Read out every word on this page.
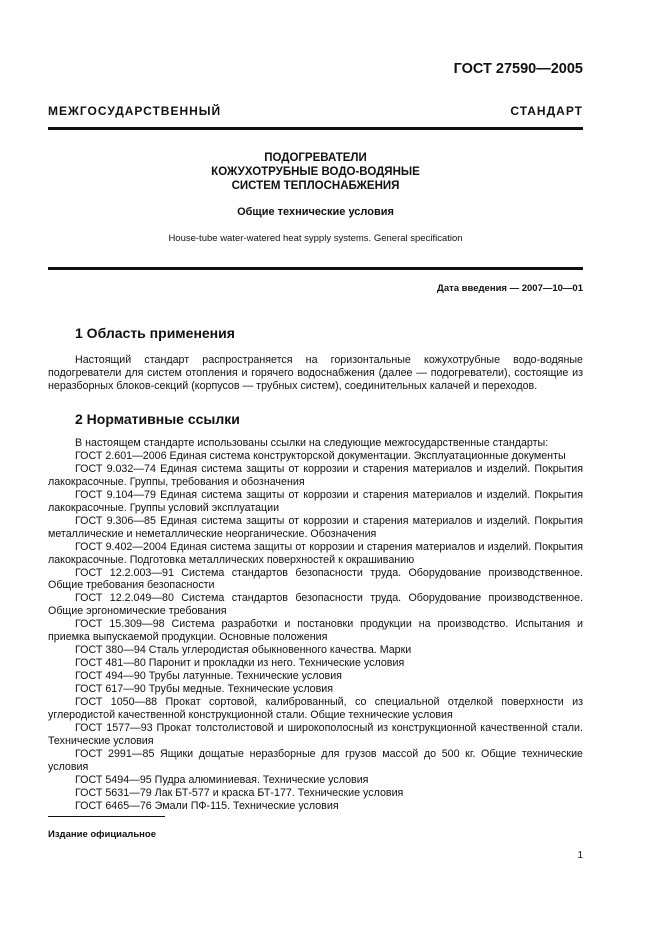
ГОСТ 27590—2005
МЕЖГОСУДАРСТВЕННЫЙ СТАНДАРТ
ПОДОГРЕВАТЕЛИ
КОЖУХОТРУБНЫЕ ВОДО-ВОДЯНЫЕ
СИСТЕМ ТЕПЛОСНАБЖЕНИЯ
Общие технические условия
House-tube water-watered heat sypply systems. General specification
Дата введения — 2007—10—01
1 Область применения

Настоящий стандарт распространяется на горизонтальные кожухотрубные водо-водяные подогреватели для систем отопления и горячего водоснабжения (далее — подогреватели), состоящие из неразборных блоков-секций (корпусов — трубных систем), соединительных калачей и переходов.

2 Нормативные ссылки

В настоящем стандарте использованы ссылки на следующие межгосударственные стандарты:

ГОСТ 2.601—2006 Единая система конструкторской документации. Эксплуатационные документы

ГОСТ 9.032—74 Единая система защиты от коррозии и старения материалов и изделий. Покрытия лакокрасочные. Группы, требования и обозначения

ГОСТ 9.104—79 Единая система защиты от коррозии и старения материалов и изделий. Покрытия лакокрасочные. Группы условий эксплуатации

ГОСТ 9.306—85 Единая система защиты от коррозии и старения материалов и изделий. Покрытия металлические и неметаллические неорганические. Обозначения

ГОСТ 9.402—2004 Единая система защиты от коррозии и старения материалов и изделий. Покрытия лакокрасочные. Подготовка металлических поверхностей к окрашиванию

ГОСТ 12.2.003—91 Система стандартов безопасности труда. Оборудование производственное. Общие требования безопасности

ГОСТ 12.2.049—80 Система стандартов безопасности труда. Оборудование производственное. Общие эргономические требования

ГОСТ 15.309—98 Система разработки и постановки продукции на производство. Испытания и приемка выпускаемой продукции. Основные положения

ГОСТ 380—94 Сталь углеродистая обыкновенного качества. Марки

ГОСТ 481—80 Паронит и прокладки из него. Технические условия

ГОСТ 494—90 Трубы латунные. Технические условия

ГОСТ 617—90 Трубы медные. Технические условия

ГОСТ 1050—88 Прокат сортовой, калиброванный, со специальной отделкой поверхности из углеродистой качественной конструкционной стали. Общие технические условия

ГОСТ 1577—93 Прокат толстолистовой и широкополосный из конструкционной качественной стали. Технические условия

ГОСТ 2991—85 Ящики дощатые неразборные для грузов массой до 500 кг. Общие технические условия

ГОСТ 5494—95 Пудра алюминиевая. Технические условия

ГОСТ 5631—79 Лак БТ-577 и краска БТ-177. Технические условия

ГОСТ 6465—76 Эмали ПФ-115. Технические условия

Издание официальное
1
